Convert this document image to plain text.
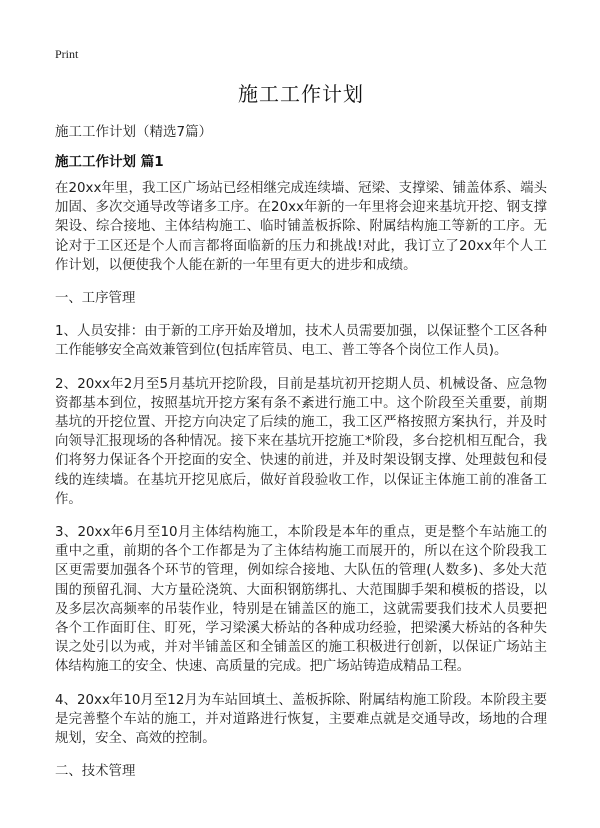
Print
施工工作计划
施工工作计划（精选7篇）
施工工作计划 篇1

在20xx年里，我工区广场站已经相继完成连续墙、冠梁、支撑梁、铺盖体系、端头加固、多次交通导改等诸多工序。在20xx年新的一年里将会迎来基坑开挖、钢支撑架设、综合接地、主体结构施工、临时铺盖板拆除、附属结构施工等新的工序。无论对于工区还是个人而言都将面临新的压力和挑战!对此，我订立了20xx年个人工作计划，以便使我个人能在新的一年里有更大的进步和成绩。

一、工序管理

1、人员安排：由于新的工序开始及增加，技术人员需要加强，以保证整个工区各种工作能够安全高效兼管到位(包括库管员、电工、普工等各个岗位工作人员)。

2、20xx年2月至5月基坑开挖阶段，目前是基坑初开挖期人员、机械设备、应急物资都基本到位，按照基坑开挖方案有条不紊进行施工中。这个阶段至关重要，前期基坑的开挖位置、开挖方向决定了后续的施工，我工区严格按照方案执行，并及时向领导汇报现场的各种情况。接下来在基坑开挖施工*阶段，多台挖机相互配合，我们将努力保证各个开挖面的安全、快速的前进，并及时架设钢支撑、处理鼓包和侵线的连续墙。在基坑开挖见底后，做好首段验收工作，以保证主体施工前的准备工作。

3、20xx年6月至10月主体结构施工，本阶段是本年的重点，更是整个车站施工的重中之重，前期的各个工作都是为了主体结构施工而展开的，所以在这个阶段我工区更需要加强各个环节的管理，例如综合接地、大队伍的管理(人数多)、多处大范围的预留孔洞、大方量砼浇筑、大面积钢筋绑扎、大范围脚手架和模板的搭设，以及多层次高频率的吊装作业，特别是在铺盖区的施工，这就需要我们技术人员要把各个工作面盯住、盯死，学习梁溪大桥站的各种成功经验，把梁溪大桥站的各种失误之处引以为戒，并对半铺盖区和全铺盖区的施工积极进行创新，以保证广场站主体结构施工的安全、快速、高质量的完成。把广场站铸造成精品工程。

4、20xx年10月至12月为车站回填土、盖板拆除、附属结构施工阶段。本阶段主要是完善整个车站的施工，并对道路进行恢复，主要难点就是交通导改，场地的合理规划，安全、高效的控制。

二、技术管理
